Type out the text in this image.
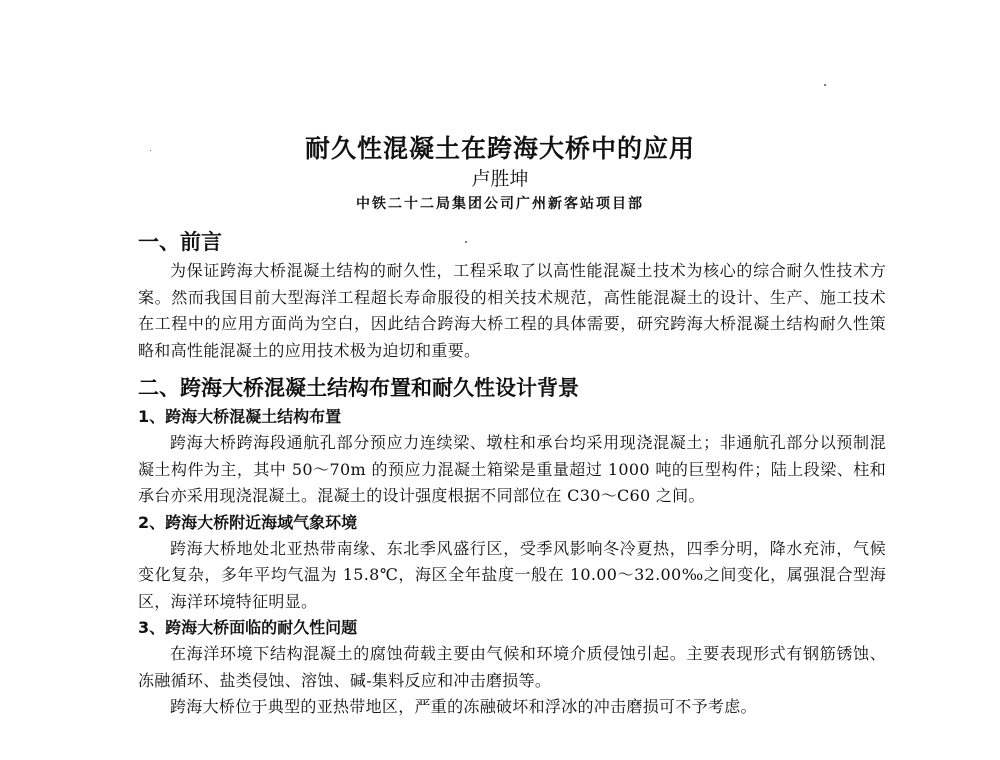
耐久性混凝土在跨海大桥中的应用
卢胜坤
中铁二十二局集团公司广州新客站项目部
一、前言

为保证跨海大桥混凝土结构的耐久性，工程采取了以高性能混凝土技术为核心的综合耐久性技术方案。然而我国目前大型海洋工程超长寿命服役的相关技术规范，高性能混凝土的设计、生产、施工技术在工程中的应用方面尚为空白，因此结合跨海大桥工程的具体需要，研究跨海大桥混凝土结构耐久性策略和高性能混凝土的应用技术极为迫切和重要。

二、跨海大桥混凝土结构布置和耐久性设计背景
1、跨海大桥混凝土结构布置

跨海大桥跨海段通航孔部分预应力连续梁、墩柱和承台均采用现浇混凝土；非通航孔部分以预制混凝土构件为主，其中 50～70m 的预应力混凝土箱梁是重量超过 1000 吨的巨型构件；陆上段梁、柱和承台亦采用现浇混凝土。混凝土的设计强度根据不同部位在 C30～C60 之间。

2、跨海大桥附近海域气象环境

跨海大桥地处北亚热带南缘、东北季风盛行区，受季风影响冬冷夏热，四季分明，降水充沛，气候变化复杂，多年平均气温为 15.8℃，海区全年盐度一般在 10.00～32.00‰之间变化，属强混合型海区，海洋环境特征明显。

3、跨海大桥面临的耐久性问题

在海洋环境下结构混凝土的腐蚀荷载主要由气候和环境介质侵蚀引起。主要表现形式有钢筋锈蚀、冻融循环、盐类侵蚀、溶蚀、碱-集料反应和冲击磨损等。

跨海大桥位于典型的亚热带地区，严重的冻融破坏和浮冰的冲击磨损可不予考虑。
